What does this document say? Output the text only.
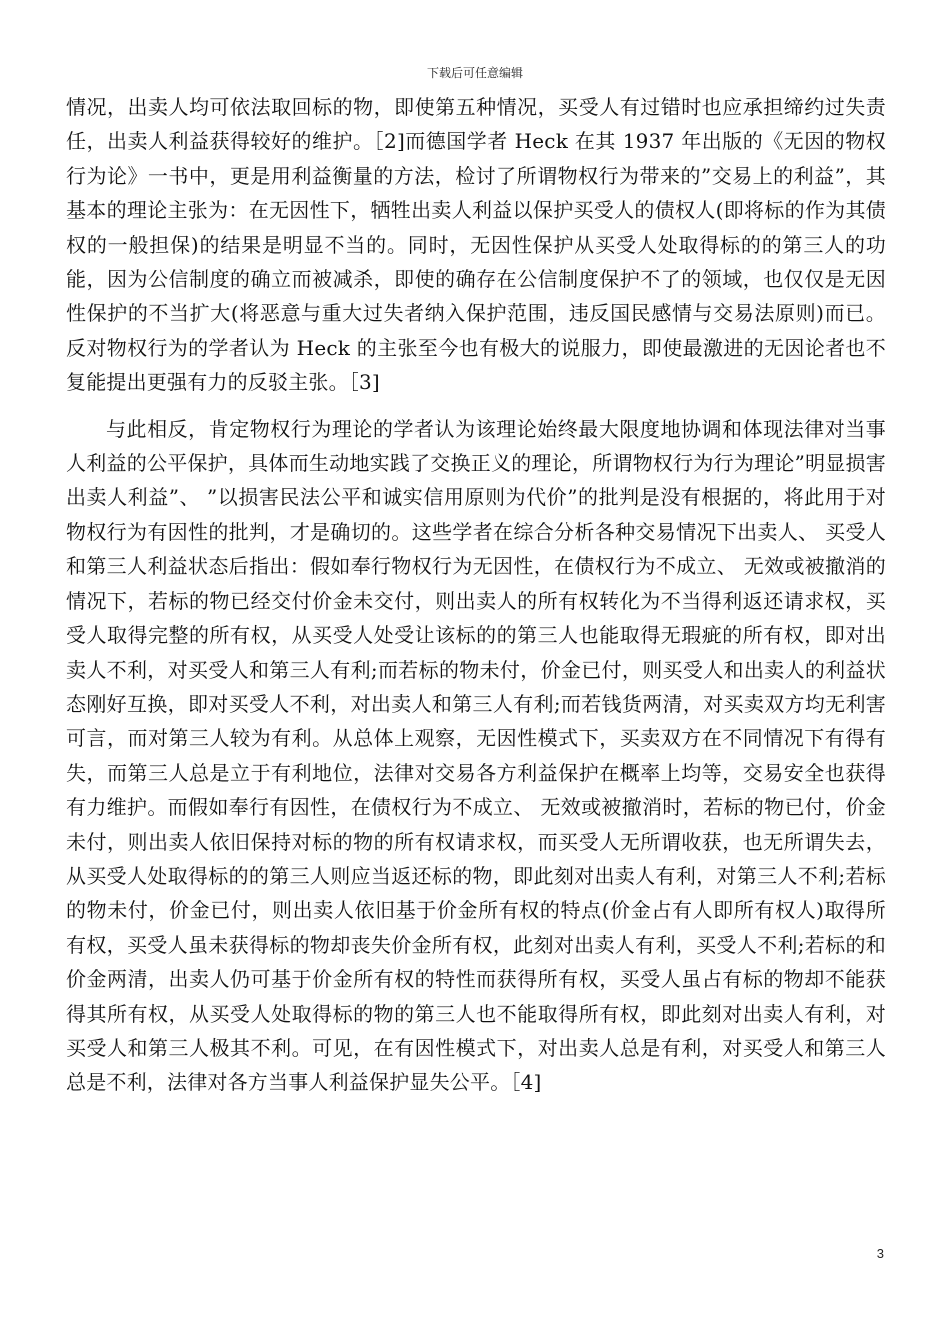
下载后可任意编辑

情况，出卖人均可依法取回标的物，即使第五种情况，买受人有过错时也应承担缔约过失责任，出卖人利益获得较好的维护。［2]而德国学者 Heck 在其 1937 年出版的《无因的物权行为论》一书中，更是用利益衡量的方法，检讨了所谓物权行为带来的”交易上的利益”，其基本的理论主张为：在无因性下，牺牲出卖人利益以保护买受人的债权人(即将标的作为其债权的一般担保)的结果是明显不当的。同时，无因性保护从买受人处取得标的的第三人的功能，因为公信制度的确立而被减杀，即使的确存在公信制度保护不了的领域，也仅仅是无因性保护的不当扩大(将恶意与重大过失者纳入保护范围，违反国民感情与交易法原则)而已。反对物权行为的学者认为 Heck 的主张至今也有极大的说服力，即使最激进的无因论者也不复能提出更强有力的反驳主张。［3]

与此相反，肯定物权行为理论的学者认为该理论始终最大限度地协调和体现法律对当事人利益的公平保护，具体而生动地实践了交换正义的理论，所谓物权行为行为理论”明显损害出卖人利益”、 ”以损害民法公平和诚实信用原则为代价”的批判是没有根据的，将此用于对物权行为有因性的批判，才是确切的。这些学者在综合分析各种交易情况下出卖人、 买受人和第三人利益状态后指出：假如奉行物权行为无因性，在债权行为不成立、 无效或被撤消的情况下，若标的物已经交付价金未交付，则出卖人的所有权转化为不当得利返还请求权，买受人取得完整的所有权，从买受人处受让该标的的第三人也能取得无瑕疵的所有权，即对出卖人不利，对买受人和第三人有利;而若标的物未付，价金已付，则买受人和出卖人的利益状态刚好互换，即对买受人不利，对出卖人和第三人有利;而若钱货两清，对买卖双方均无利害可言，而对第三人较为有利。从总体上观察，无因性模式下，买卖双方在不同情况下有得有失，而第三人总是立于有利地位，法律对交易各方利益保护在概率上均等，交易安全也获得有力维护。而假如奉行有因性，在债权行为不成立、 无效或被撤消时，若标的物已付，价金未付，则出卖人依旧保持对标的物的所有权请求权，而买受人无所谓收获，也无所谓失去，从买受人处取得标的的第三人则应当返还标的物，即此刻对出卖人有利，对第三人不利;若标的物未付，价金已付，则出卖人依旧基于价金所有权的特点(价金占有人即所有权人)取得所有权，买受人虽未获得标的物却丧失价金所有权，此刻对出卖人有利，买受人不利;若标的和价金两清，出卖人仍可基于价金所有权的特性而获得所有权，买受人虽占有标的物却不能获得其所有权，从买受人处取得标的物的第三人也不能取得所有权，即此刻对出卖人有利，对买受人和第三人极其不利。可见，在有因性模式下，对出卖人总是有利，对买受人和第三人总是不利，法律对各方当事人利益保护显失公平。［4]

3
